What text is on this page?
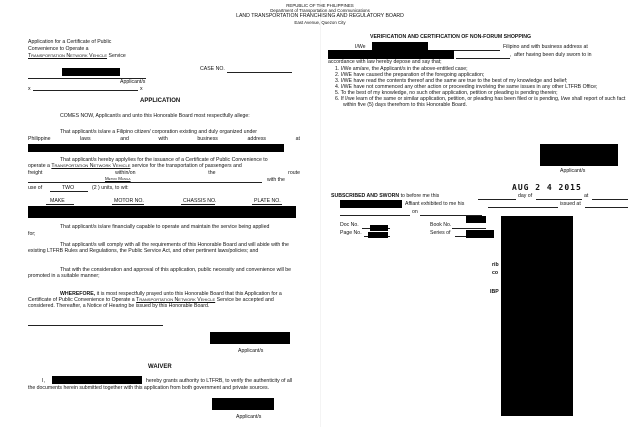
REPUBLIC OF THE PHILIPPINES
Department of Transportation and Communications
LAND TRANSPORTATION FRANCHISING AND REGULATORY BOARD
East Avenue, Quezon City
Application for a Certificate of Public
Convenience to Operate a
Transportation Network Vehicle Service
Applicant/s
x	x
CASE NO.
APPLICATION
COMES NOW, Applicant/s and unto this Honorable Board most respectfully allege:
That applicant/s is/are a Filipino citizen/ corporation existing and duly organized under
Philippine	laws	and	with	business	address	at
That applicant/s hereby apply/ies for the issuance of a Certificate of Public Convenience to
operate a Transportation Network Vehicle service for the transportation of passengers and
freight	within/on	the	route
Metro Manila	with the
use of	TWO	(2 ) units, to wit:
MAKE	MOTOR NO.	CHASSIS NO.	PLATE NO.
That applicant/s is/are financially capable to operate and maintain the service being applied
for;
That applicant/s will comply with all the requirements of this Honorable Board and will abide with the existing LTFRB Rules and Regulations, the Public Service Act, and other pertinent laws/policies; and
That with the consideration and approval of this application, public necessity and convenience will be promoted in a suitable manner;
WHEREFORE, it is most respectfully prayed unto this Honorable Board that this Application for a Certificate of Public Convenience to Operate a Transportation Network Vehicle Service be accepted and considered. Thereafter, a Notice of Hearing be issued by this Honorable Board.
Applicant/s
WAIVER
I,	hereby grants authority to LTFRB, to verify the authenticity of all
the documents herein submitted together with this application from both government and private sources.
Applicant/s
VERIFICATION AND CERTIFICATION OF NON-FORUM SHOPPING
I/We	Filipino and with business address at
, after having been duly sworn to in
accordance with law hereby depose and say that;
1. I/We am/are, the Applicant/s in the above-entitled case;
2. I/WE have caused the preparation of the foregoing application;
3. I/WE have read the contents thereof and the same are true to the best of my knowledge and belief;
4. I/WE have not commenced any other action or proceeding involving the same issues in any other LTFRB Office;
5. To the best of my knowledge, no such other application, petition or pleading is pending therein;
6. If I/we learn of the same or similar application, petition, or pleading has been filed or is pending, I/we shall report of such fact within five (5) days therefrom to this Honorable Board.
Applicant/s
AUG 2 4 2015
SUBSCRIBED AND SWORN to before me this	day of	at
Affiant exhibited to me his	issued at
on
Doc No.
Page No.
Book No.
Series of
rib
co
IBP
